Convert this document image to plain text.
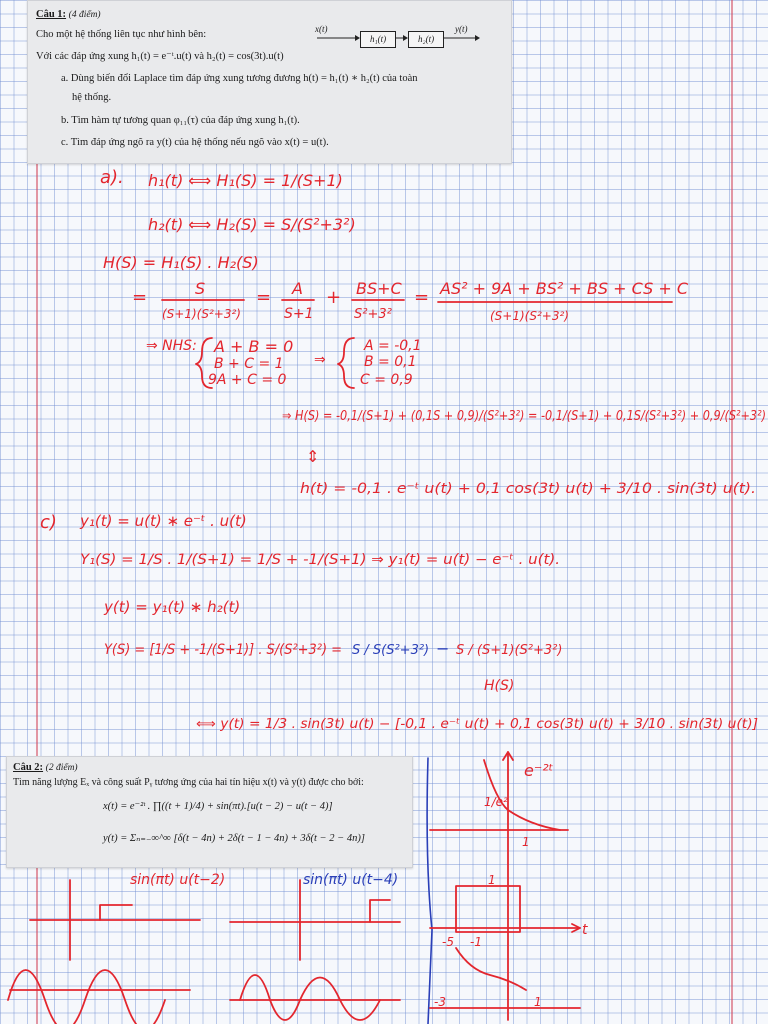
Câu 1: (4 điểm)
Cho một hệ thống liên tục như hình bên:	x(t)
h₁(t)	h₂(t)
y(t)
Với các đáp ứng xung h₁(t) = e⁻ᵗ.u(t) và h₂(t) = cos(3t).u(t)
a. Dùng biến đổi Laplace tìm đáp ứng xung tương đương h(t) = h₁(t) ∗ h₂(t) của toàn
hệ thống.
b. Tìm hàm tự tương quan φ₁₁(τ) của đáp ứng xung h₁(t).
c. Tìm đáp ứng ngõ ra y(t) của hệ thống nếu ngõ vào x(t) = u(t).
Câu 2: (2 điểm)
Tìm năng lượng Eₓ và công suất Pᵧ tương ứng của hai tín hiệu x(t) và y(t) được cho bởi:
x(t) = e⁻²ᵗ . ∏((t + 1)/4) + sin(πt).[u(t − 2) − u(t − 4)]
y(t) = Σₙ₌₋∞^∞ [δ(t − 4n) + 2δ(t − 1 − 4n) + 3δ(t − 2 − 4n)]
a). h₁(t) ⟺ H₁(S) = 1/(S+1)
h₂(t) ⟺ H₂(S) = S/(S²+3²)
H(S) = H₁(S) . H₂(S)
=	S
(S+1)(S²+3²)
= A
S+1
+ BS+C
S²+3²
= AS² + 9A + BS² + BS + CS + C
(S+1)(S²+3²)
⇒ NHS: A + B = 0
B + C = 1
9A + C = 0
⇒
A = -0,1
B = 0,1
C = 0,9
⇒ H(S) = -0,1/(S+1) + (0,1S + 0,9)/(S²+3²) = -0,1/(S+1) + 0,1S/(S²+3²) + 0,9/(S²+3²)
⇕
h(t) = -0,1 . e⁻ᵗ u(t) + 0,1 cos(3t) u(t) + 3/10 . sin(3t) u(t).
c) y₁(t) = u(t) ∗ e⁻ᵗ . u(t)
Y₁(S) = 1/S . 1/(S+1) = 1/S + -1/(S+1) ⇒ y₁(t) = u(t) − e⁻ᵗ . u(t).
y(t) = y₁(t) ∗ h₂(t)
Y(S) = [1/S + -1/(S+1)] . S/(S²+3²) = S / S(S²+3²) − S / (S+1)(S²+3²)
H(S)
⟺ y(t) = 1/3 . sin(3t) u(t) − [-0,1 . e⁻ᵗ u(t) + 0,1 cos(3t) u(t) + 3/10 . sin(3t) u(t)]
sin(πt) u(t−2)	sin(πt) u(t−4)
e⁻²ᵗ
1/e²
1
1
t
-5 -1
-3	1
